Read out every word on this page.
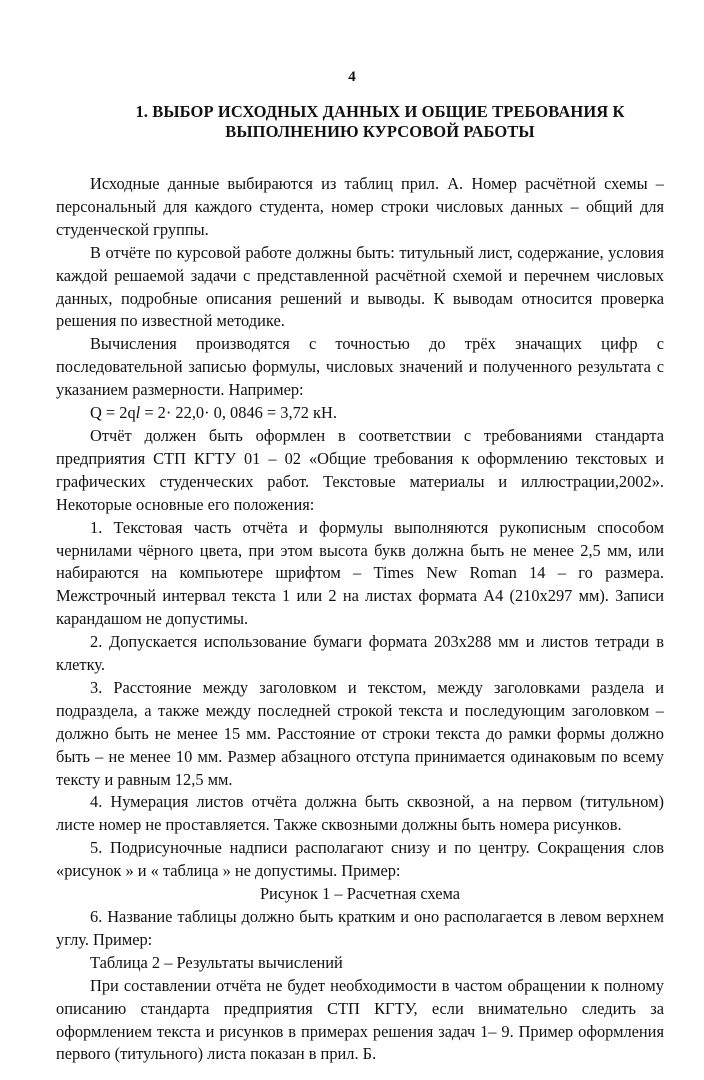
4
1. ВЫБОР ИСХОДНЫХ ДАННЫХ И ОБЩИЕ ТРЕБОВАНИЯ К
ВЫПОЛНЕНИЮ КУРСОВОЙ РАБОТЫ

Исходные данные выбираются из таблиц прил. А. Номер расчётной схемы – персональный для каждого студента, номер строки числовых данных – общий для студенческой группы.

В отчёте по курсовой работе должны быть: титульный лист, содержание, условия каждой решаемой задачи с представленной расчётной схемой и перечнем числовых данных, подробные описания решений и выводы. К выводам относится проверка решения по известной методике.

Вычисления производятся с точностью до трёх значащих цифр с последовательной записью формулы, числовых значений и полученного результата с указанием размерности. Например:

Q = 2ql = 2· 22,0· 0, 0846 = 3,72 кН.

Отчёт должен быть оформлен в соответствии с требованиями стандарта предприятия СТП КГТУ 01 – 02 «Общие требования к оформлению текстовых и графических студенческих работ. Текстовые материалы и иллюстрации,2002». Некоторые основные его положения:

1. Текстовая часть отчёта и формулы выполняются рукописным способом чернилами чёрного цвета, при этом высота букв должна быть не менее 2,5 мм, или набираются на компьютере шрифтом – Times New Roman 14 – го размера. Межстрочный интервал текста 1 или 2 на листах формата А4 (210x297 мм). Записи карандашом не допустимы.

2. Допускается использование бумаги формата 203x288 мм и листов тетради в клетку.

3. Расстояние между заголовком и текстом, между заголовками раздела и подраздела, а также между последней строкой текста и последующим заголовком – должно быть не менее 15 мм. Расстояние от строки текста до рамки формы должно быть – не менее 10 мм. Размер абзацного отступа принимается одинаковым по всему тексту и равным 12,5 мм.

4. Нумерация листов отчёта должна быть сквозной, а на первом (титульном) листе номер не проставляется. Также сквозными должны быть номера рисунков.

5. Подрисуночные надписи располагают снизу и по центру. Сокращения слов «рисунок » и « таблица » не допустимы. Пример:

Рисунок 1 – Расчетная схема

6. Название таблицы должно быть кратким и оно располагается в левом верхнем углу. Пример:

Таблица 2 – Результаты вычислений

При составлении отчёта не будет необходимости в частом обращении к полному описанию стандарта предприятия СТП КГТУ, если внимательно следить за оформлением текста и рисунков в примерах решения задач 1– 9. Пример оформления первого (титульного) листа показан в прил. Б.
